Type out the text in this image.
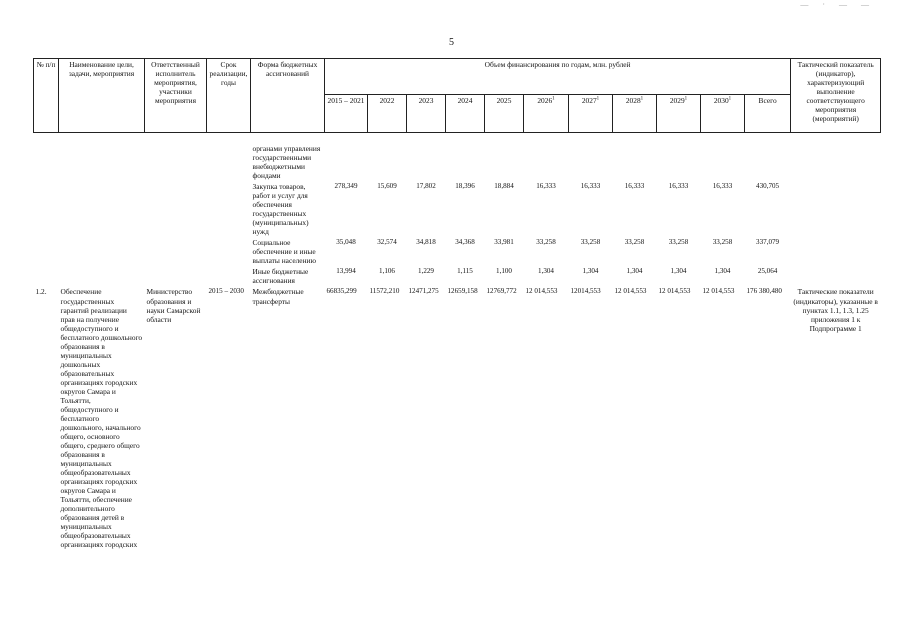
5
— · — —
№ п/п	Наименование цели, задачи, мероприятия	Ответственный исполнитель мероприятия, участники мероприятия	Срок реализации, годы	Форма бюджетных ассигнований	Объем финансирования по годам, млн. рублей											Тактический показатель (индикатор), характеризующий выполнение соответствующего мероприятия (мероприятий)
					2015 – 2021	2022	2023	2024	2025	2026$^1$	2027$^1$	2028$^1$	2029$^1$	2030$^1$	Всего	

				органами управления государственными внебюджетными фондами												
				Закупка товаров, работ и услуг для обеспечения государственных (муниципальных) нужд	278,349	15,609	17,802	18,396	18,884	16,333	16,333	16,333	16,333	16,333	430,705	
				Социальное обеспечение и иные выплаты населению	35,048	32,574	34,818	34,368	33,981	33,258	33,258	33,258	33,258	33,258	337,079	
				Иные бюджетные ассигнования	13,994	1,106	1,229	1,115	1,100	1,304	1,304	1,304	1,304	1,304	25,064	
1.2.	Обеспечение государственных гарантий реализации прав на получение общедоступного и бесплатного дошкольного образования в муниципальных дошкольных образовательных организациях городских округов Самара и Тольятти, общедоступного и бесплатного дошкольного, начального общего, основного общего, среднего общего образования в муниципальных общеобразовательных организациях городских округов Самара и Тольятти, обеспечение дополнительного образования детей в муниципальных общеобразовательных организациях городских	Министерство образования и науки Самарской области	2015 – 2030	Межбюджетные трансферты	66835,299	11572,210	12471,275	12659,158	12769,772	12 014,553	12014,553	12 014,553	12 014,553	12 014,553	176 380,480	Тактические показатели (индикаторы), указанные в пунктах 1.1, 1.3, 1.25 приложения 1 к Подпрограмме 1
